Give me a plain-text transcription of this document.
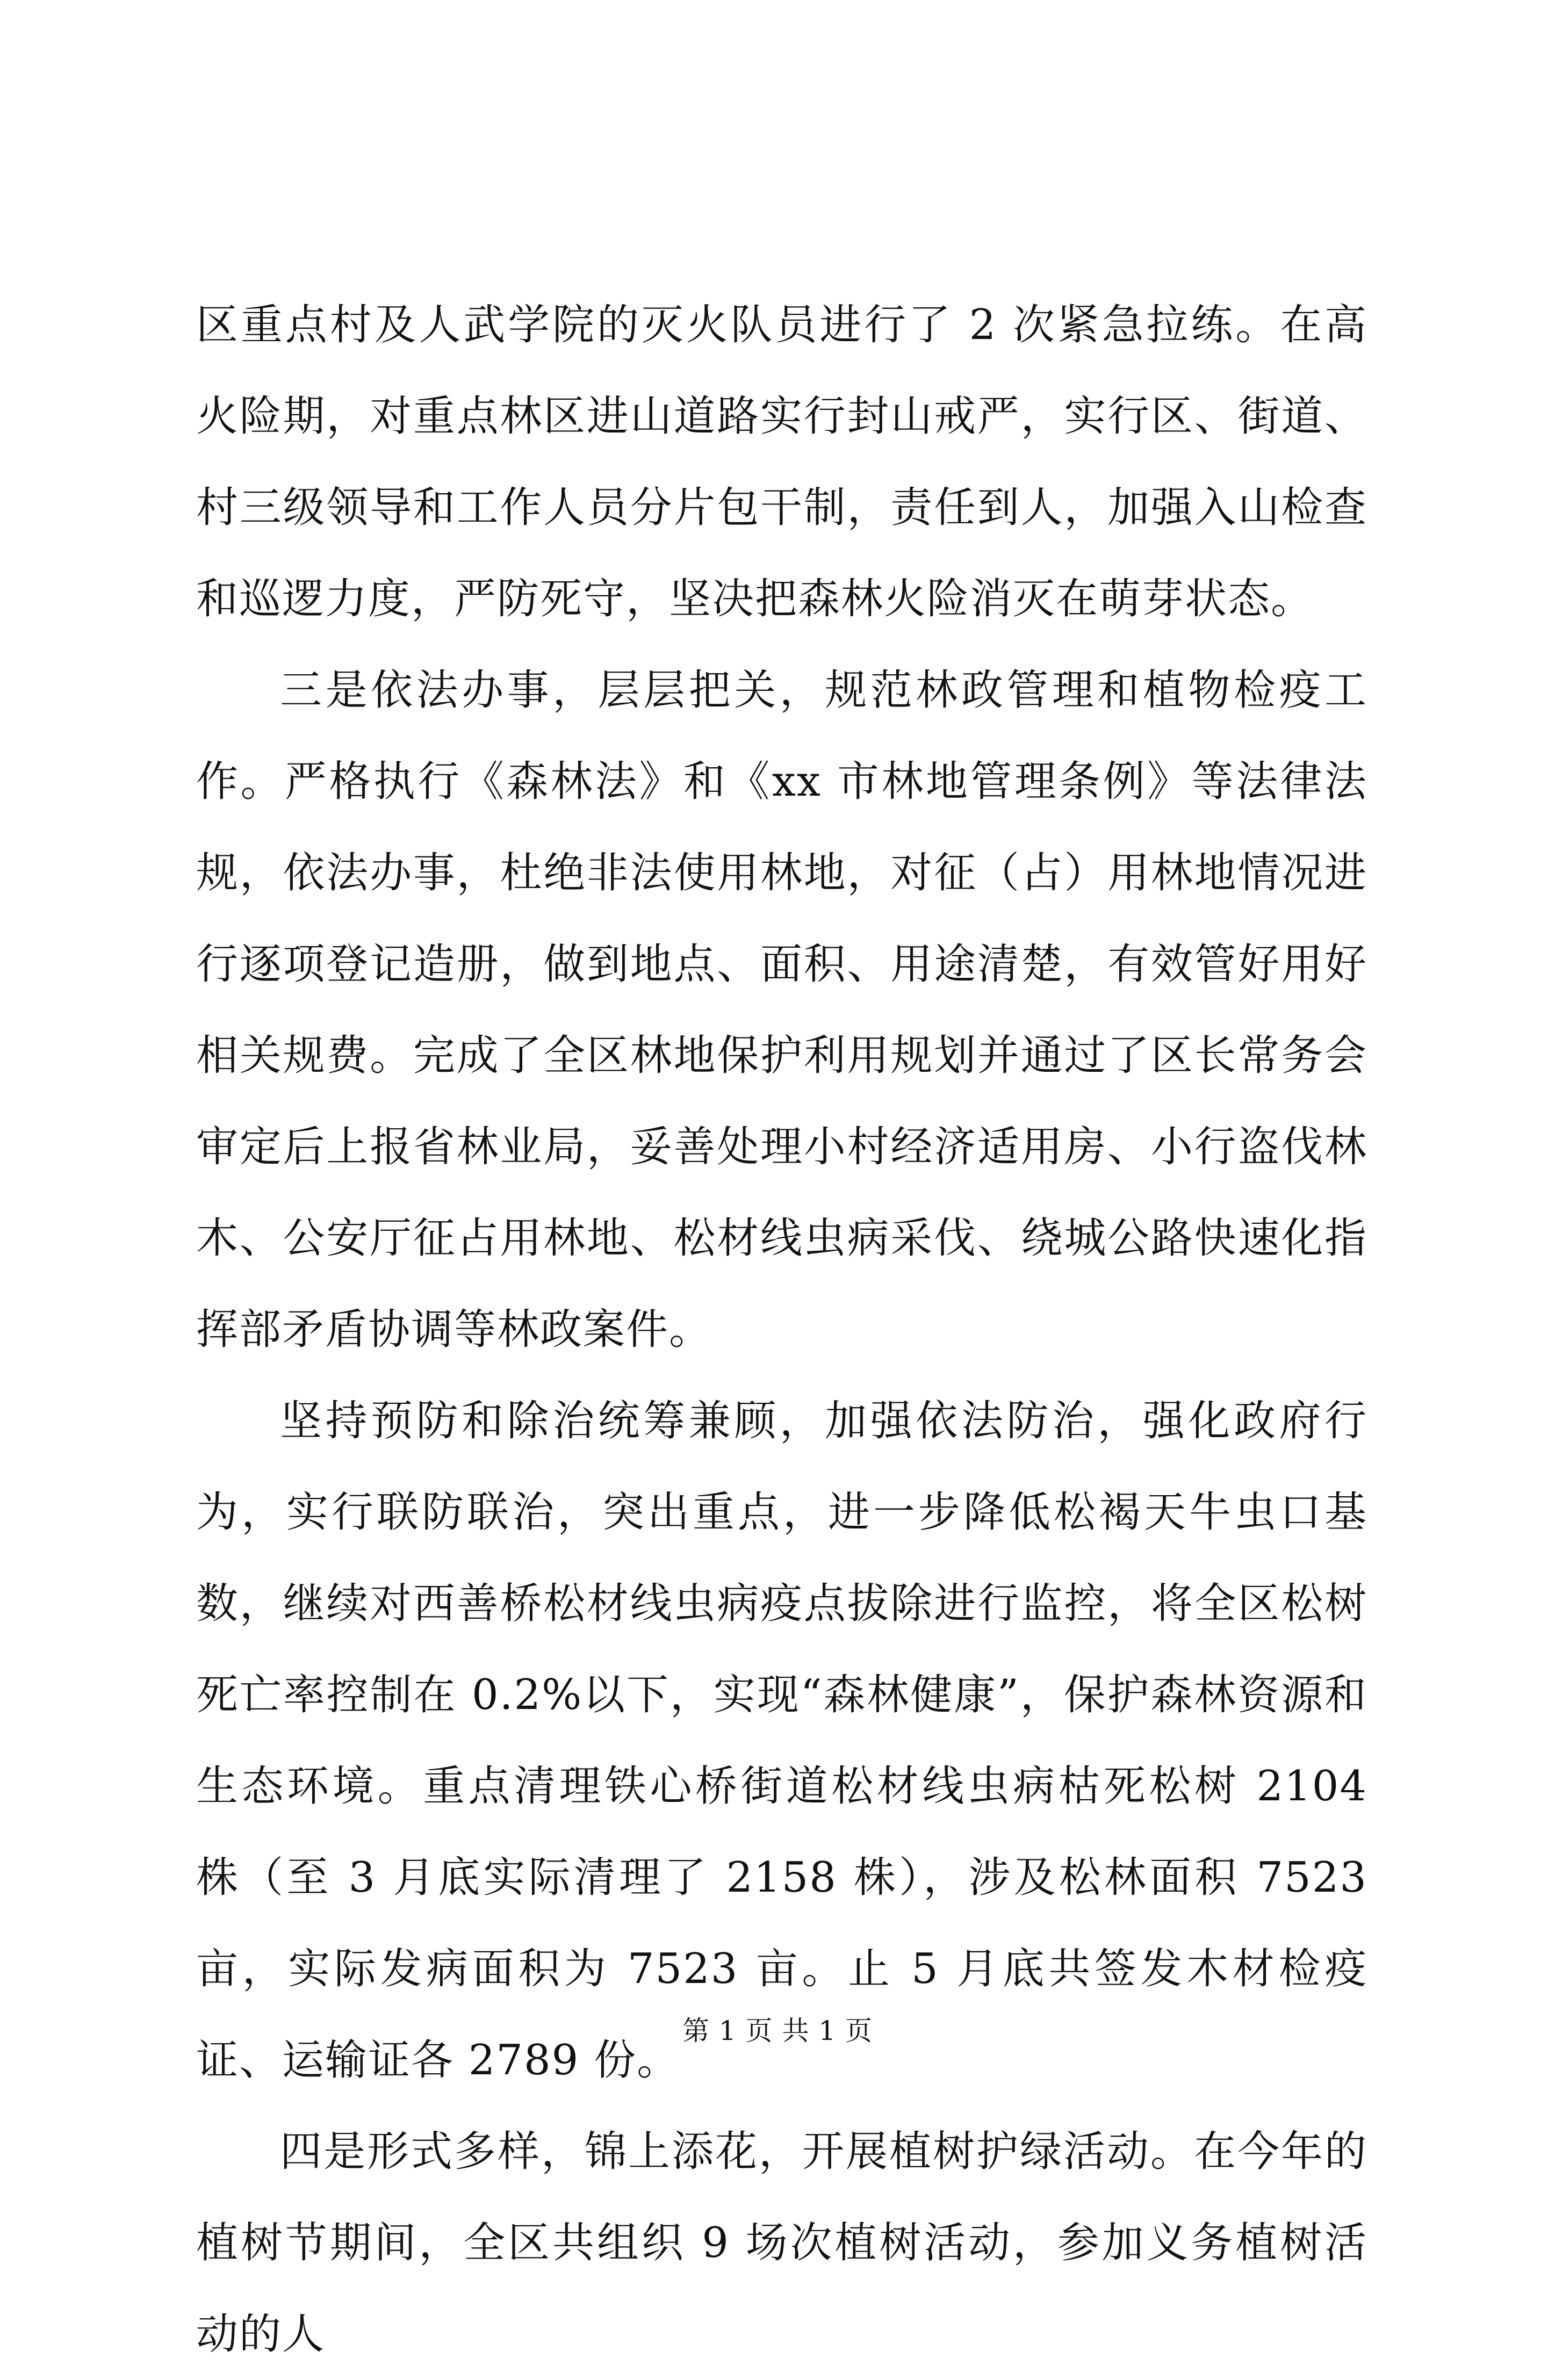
区重点村及人武学院的灭火队员进行了 2 次紧急拉练。在高火险期，对重点林区进山道路实行封山戒严，实行区、街道、村三级领导和工作人员分片包干制，责任到人，加强入山检查和巡逻力度，严防死守，坚决把森林火险消灭在萌芽状态。

三是依法办事，层层把关，规范林政管理和植物检疫工作。严格执行《森林法》和《xx 市林地管理条例》等法律法规，依法办事，杜绝非法使用林地，对征（占）用林地情况进行逐项登记造册，做到地点、面积、用途清楚，有效管好用好相关规费。完成了全区林地保护利用规划并通过了区长常务会审定后上报省林业局，妥善处理小村经济适用房、小行盗伐林木、公安厅征占用林地、松材线虫病采伐、绕城公路快速化指挥部矛盾协调等林政案件。

坚持预防和除治统筹兼顾，加强依法防治，强化政府行为，实行联防联治，突出重点，进一步降低松褐天牛虫口基数，继续对西善桥松材线虫病疫点拔除进行监控，将全区松树死亡率控制在 0.2%以下，实现“森林健康”，保护森林资源和生态环境。重点清理铁心桥街道松材线虫病枯死松树 2104 株（至 3 月底实际清理了 2158 株），涉及松林面积 7523 亩，实际发病面积为 7523 亩。止 5 月底共签发木材检疫证、运输证各 2789 份。

四是形式多样，锦上添花，开展植树护绿活动。在今年的植树节期间，全区共组织 9 场次植树活动，参加义务植树活动的人

第 1 页 共 1 页
